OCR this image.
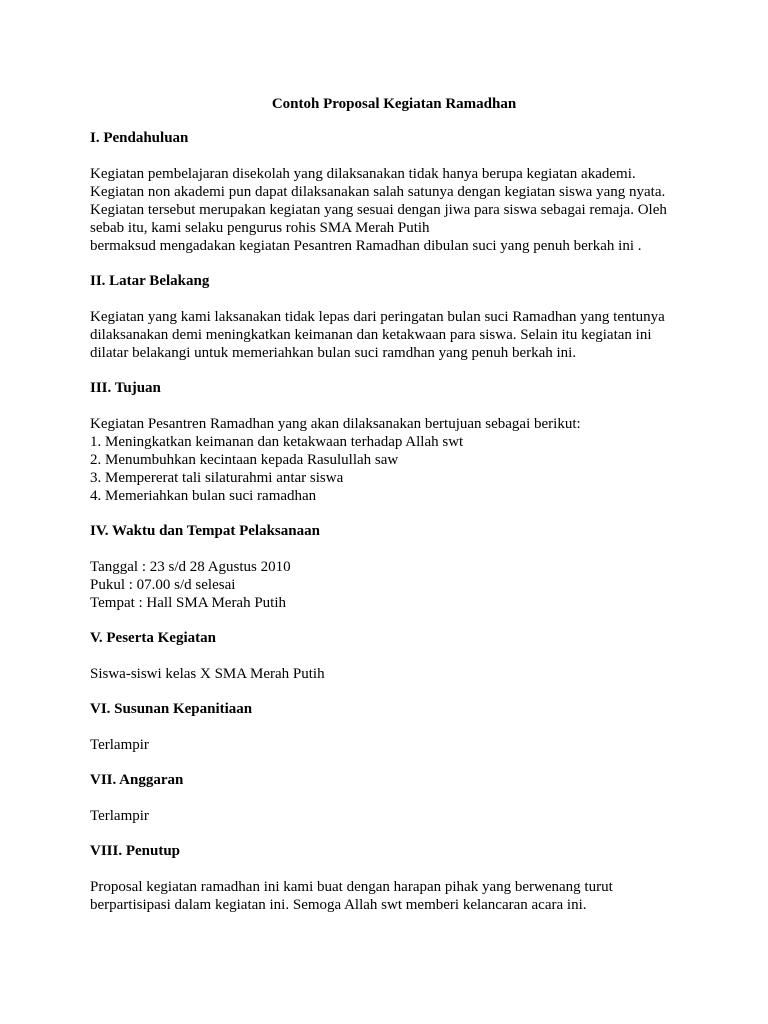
Contoh Proposal Kegiatan Ramadhan

I. Pendahuluan

Kegiatan pembelajaran disekolah yang dilaksanakan tidak hanya berupa kegiatan akademi.
Kegiatan non akademi pun dapat dilaksanakan salah satunya dengan kegiatan siswa yang nyata.
Kegiatan tersebut merupakan kegiatan yang sesuai dengan jiwa para siswa sebagai remaja. Oleh
sebab itu, kami selaku pengurus rohis SMA Merah Putih
bermaksud mengadakan kegiatan Pesantren Ramadhan dibulan suci yang penuh berkah ini .

II. Latar Belakang

Kegiatan yang kami laksanakan tidak lepas dari peringatan bulan suci Ramadhan yang tentunya
dilaksanakan demi meningkatkan keimanan dan ketakwaan para siswa. Selain itu kegiatan ini
dilatar belakangi untuk memeriahkan bulan suci ramdhan yang penuh berkah ini.

III. Tujuan

Kegiatan Pesantren Ramadhan yang akan dilaksanakan bertujuan sebagai berikut:
1. Meningkatkan keimanan dan ketakwaan terhadap Allah swt
2. Menumbuhkan kecintaan kepada Rasulullah saw
3. Mempererat tali silaturahmi antar siswa
4. Memeriahkan bulan suci ramadhan

IV. Waktu dan Tempat Pelaksanaan

Tanggal : 23 s/d 28 Agustus 2010
Pukul : 07.00 s/d selesai
Tempat : Hall SMA Merah Putih

V. Peserta Kegiatan

Siswa-siswi kelas X SMA Merah Putih

VI. Susunan Kepanitiaan

Terlampir

VII. Anggaran

Terlampir

VIII. Penutup

Proposal kegiatan ramadhan ini kami buat dengan harapan pihak yang berwenang turut
berpartisipasi dalam kegiatan ini. Semoga Allah swt memberi kelancaran acara ini.
